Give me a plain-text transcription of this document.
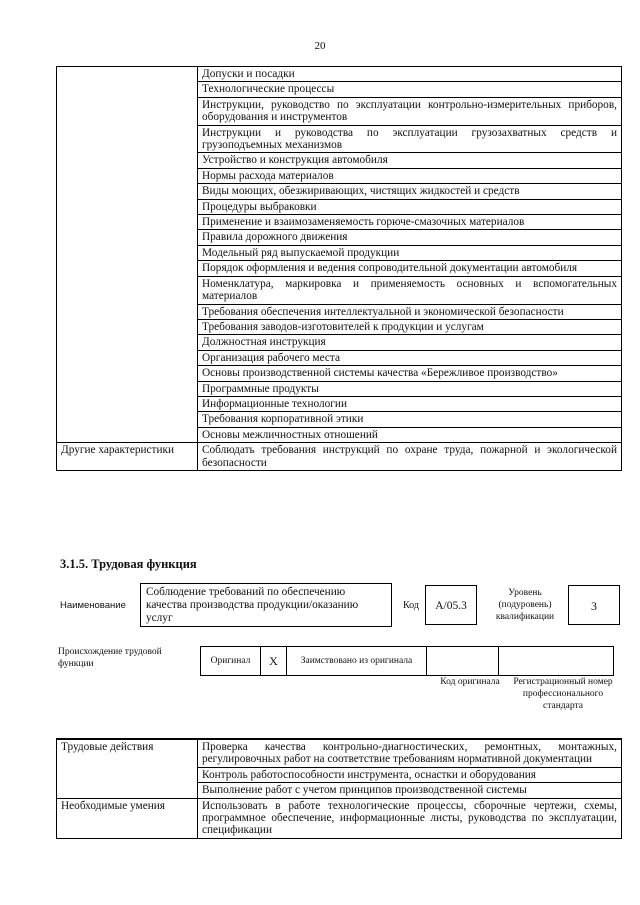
20
	Допуски и посадки
	Технологические процессы
	Инструкции, руководство по эксплуатации контрольно-измерительных приборов, оборудования и инструментов
	Инструкции и руководства по эксплуатации грузозахватных средств и грузоподъемных механизмов
	Устройство и конструкция автомобиля
	Нормы расхода материалов
	Виды моющих, обезжиривающих, чистящих жидкостей и средств
	Процедуры выбраковки
	Применение и взаимозаменяемость горюче-смазочных материалов
	Правила дорожного движения
	Модельный ряд выпускаемой продукции
	Порядок оформления и ведения сопроводительной документации автомобиля
	Номенклатура, маркировка и применяемость основных и вспомогательных материалов
	Требования обеспечения интеллектуальной и экономической безопасности
	Требования заводов-изготовителей к продукции и услугам
	Должностная инструкция
	Организация рабочего места
	Основы производственной системы качества «Бережливое производство»
	Программные продукты
	Информационные технологии
	Требования корпоративной этики
	Основы межличностных отношений
Другие характеристики	Соблюдать требования инструкций по охране труда, пожарной и экологической безопасности
3.1.5. Трудовая функция
Наименование
Соблюдение требований по обеспечению качества производства продукции/оказанию услуг
Код	А/05.3
Уровень (подуровень) квалификации
3
Происхождение трудовой функции	Оригинал	X	Заимствовано из оригинала
Код оригинала	Регистрационный номер профессионального стандарта
Трудовые действия	Проверка качества контрольно-диагностических, ремонтных, монтажных, регулировочных работ на соответствие требованиям нормативной документации
	Контроль работоспособности инструмента, оснастки и оборудования
	Выполнение работ с учетом принципов производственной системы
Необходимые умения	Использовать в работе технологические процессы, сборочные чертежи, схемы, программное обеспечение, информационные листы, руководства по эксплуатации, спецификации
